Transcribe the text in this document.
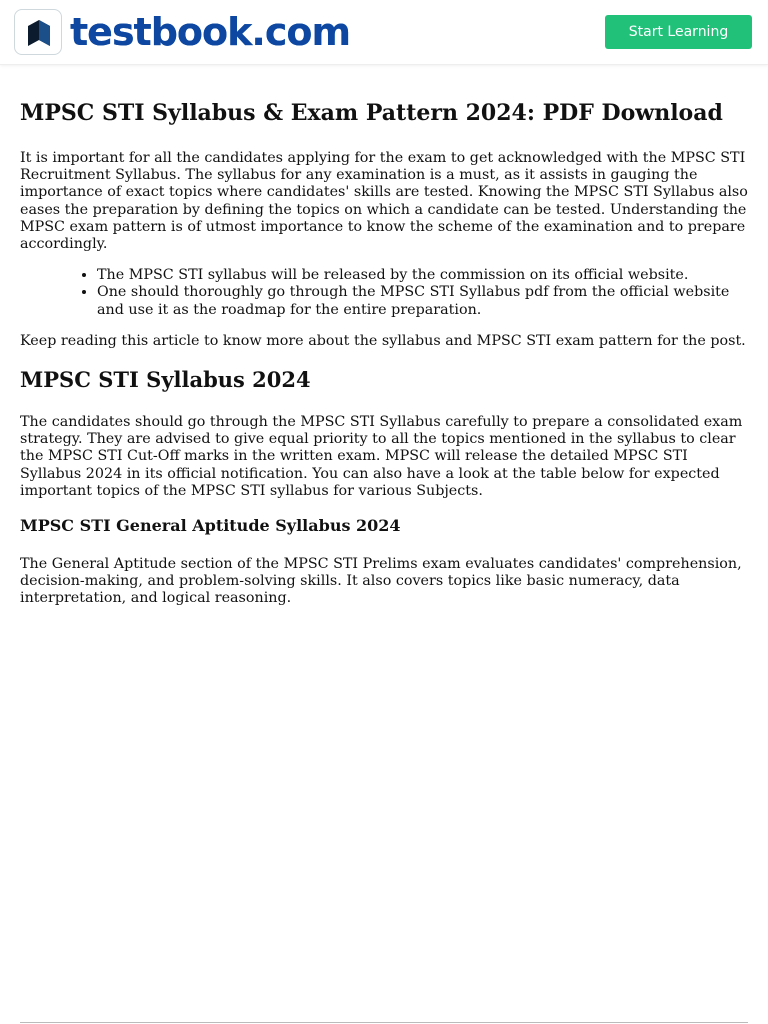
testbook.com	Start Learning
MPSC STI Syllabus & Exam Pattern 2024: PDF Download

It is important for all the candidates applying for the exam to get acknowledged with the MPSC STI Recruitment Syllabus. The syllabus for any examination is a must, as it assists in gauging the importance of exact topics where candidates' skills are tested. Knowing the MPSC STI Syllabus also eases the preparation by defining the topics on which a candidate can be tested. Understanding the MPSC exam pattern is of utmost importance to know the scheme of the examination and to prepare accordingly.

• The MPSC STI syllabus will be released by the commission on its official website.
• One should thoroughly go through the MPSC STI Syllabus pdf from the official website and use it as the roadmap for the entire preparation.

Keep reading this article to know more about the syllabus and MPSC STI exam pattern for the post.

MPSC STI Syllabus 2024

The candidates should go through the MPSC STI Syllabus carefully to prepare a consolidated exam strategy. They are advised to give equal priority to all the topics mentioned in the syllabus to clear the MPSC STI Cut-Off marks in the written exam. MPSC will release the detailed MPSC STI Syllabus 2024 in its official notification. You can also have a look at the table below for expected important topics of the MPSC STI syllabus for various Subjects.

MPSC STI General Aptitude Syllabus 2024

The General Aptitude section of the MPSC STI Prelims exam evaluates candidates' comprehension, decision-making, and problem-solving skills. It also covers topics like basic numeracy, data interpretation, and logical reasoning.
